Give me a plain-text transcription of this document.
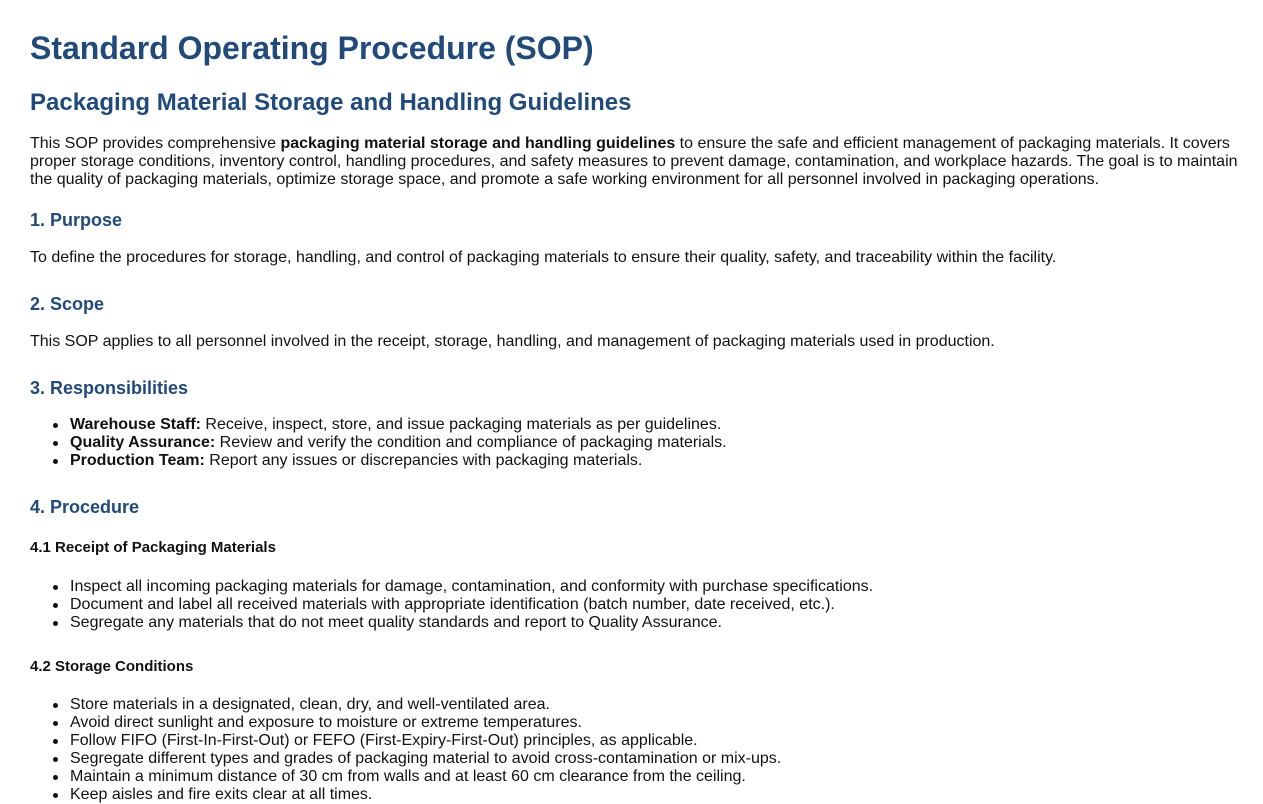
Standard Operating Procedure (SOP)
Packaging Material Storage and Handling Guidelines

This SOP provides comprehensive packaging material storage and handling guidelines to ensure the safe and efficient management of packaging materials. It covers proper storage conditions, inventory control, handling procedures, and safety measures to prevent damage, contamination, and workplace hazards. The goal is to maintain the quality of packaging materials, optimize storage space, and promote a safe working environment for all personnel involved in packaging operations.

1. Purpose

To define the procedures for storage, handling, and control of packaging materials to ensure their quality, safety, and traceability within the facility.

2. Scope

This SOP applies to all personnel involved in the receipt, storage, handling, and management of packaging materials used in production.

3. Responsibilities
Warehouse Staff: Receive, inspect, store, and issue packaging materials as per guidelines.
Quality Assurance: Review and verify the condition and compliance of packaging materials.
Production Team: Report any issues or discrepancies with packaging materials.
4. Procedure
4.1 Receipt of Packaging Materials
Inspect all incoming packaging materials for damage, contamination, and conformity with purchase specifications.
Document and label all received materials with appropriate identification (batch number, date received, etc.).
Segregate any materials that do not meet quality standards and report to Quality Assurance.
4.2 Storage Conditions
Store materials in a designated, clean, dry, and well-ventilated area.
Avoid direct sunlight and exposure to moisture or extreme temperatures.
Follow FIFO (First-In-First-Out) or FEFO (First-Expiry-First-Out) principles, as applicable.
Segregate different types and grades of packaging material to avoid cross-contamination or mix-ups.
Maintain a minimum distance of 30 cm from walls and at least 60 cm clearance from the ceiling.
Keep aisles and fire exits clear at all times.
